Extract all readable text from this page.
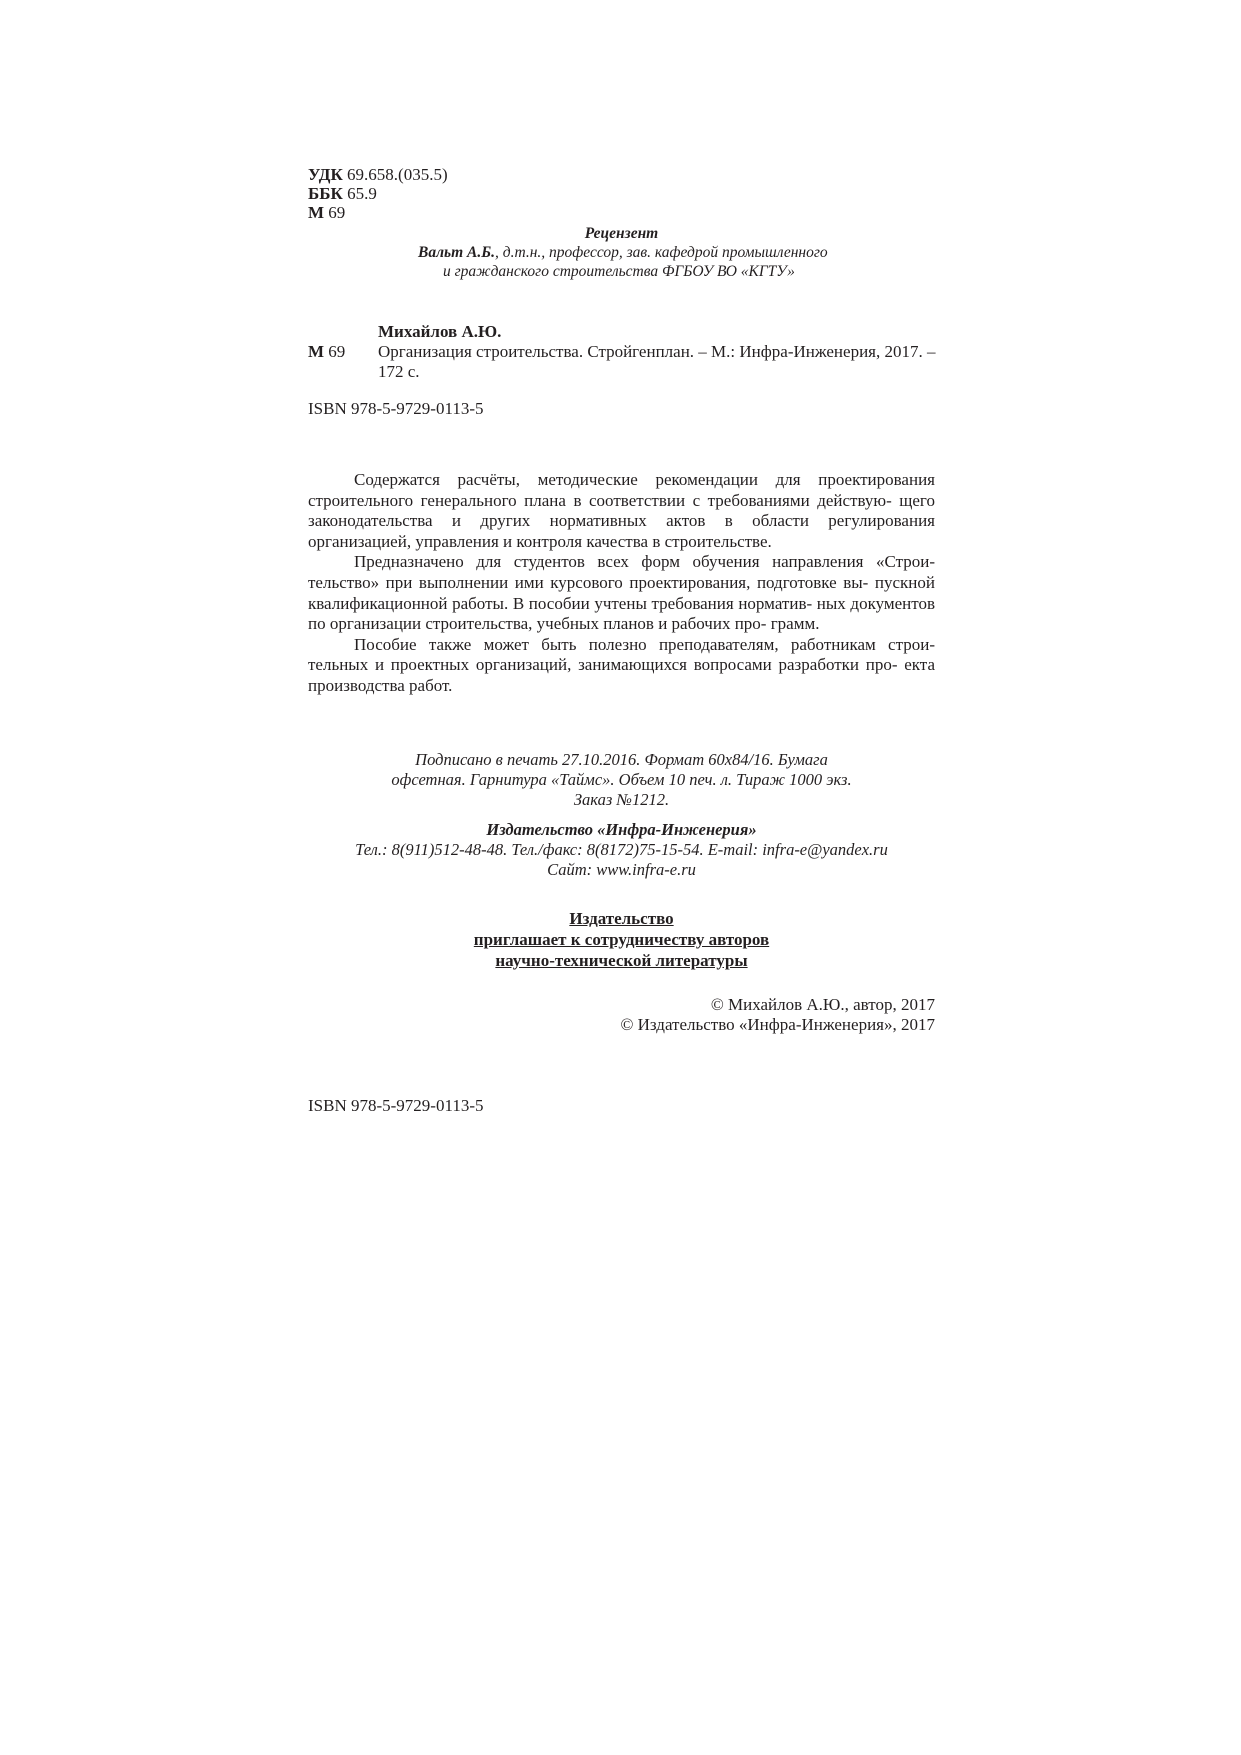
УДК 69.658.(035.5)
ББК 65.9
М 69
Рецензент
Вальт А.Б., д.т.н., профессор, зав. кафедрой промышленного
и гражданского строительства ФГБОУ ВО «КГТУ»
Михайлов А.Ю.
М 69 Организация строительства. Стройгенплан. – М.: Инфра-Инженерия, 2017. –
172 с.
ISBN 978-5-9729-0113-5

Содержатся расчёты, методические рекомендации для проектирования строительного генерального плана в соответствии с требованиями действую- щего законодательства и других нормативных актов в области регулирования организацией, управления и контроля качества в строительстве.

Предназначено для студентов всех форм обучения направления «Строи- тельство» при выполнении ими курсового проектирования, подготовке вы- пускной квалификационной работы. В пособии учтены требования норматив- ных документов по организации строительства, учебных планов и рабочих про- грамм.

Пособие также может быть полезно преподавателям, работникам строи- тельных и проектных организаций, занимающихся вопросами разработки про- екта производства работ.

Подписано в печать 27.10.2016. Формат 60х84/16. Бумага
офсетная. Гарнитура «Таймс». Объем 10 печ. л. Тираж 1000 экз.
Заказ №1212.
Издательство «Инфра-Инженерия»
Тел.: 8(911)512-48-48. Тел./факс: 8(8172)75-15-54. E-mail: infra-e@yandex.ru
Сайт: www.infra-e.ru
Издательство
приглашает к сотрудничеству авторов
научно-технической литературы
© Михайлов А.Ю., автор, 2017
© Издательство «Инфра-Инженерия», 2017
ISBN 978-5-9729-0113-5
